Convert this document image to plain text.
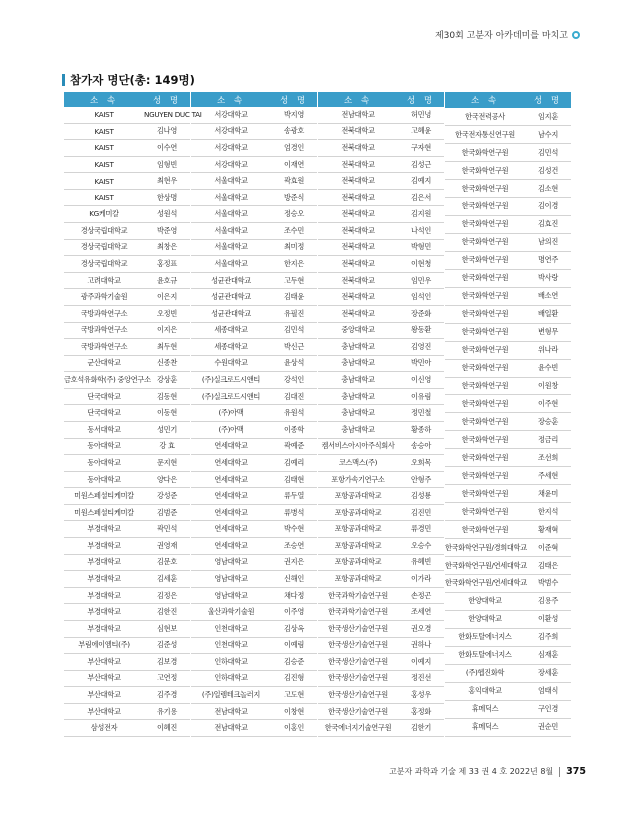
제30회 고분자 아카데미를 마치고
참가자 명단(총: 149명)
소 속	성 명
KAIST	NGUYEN DUC TAI
KAIST	김나영
KAIST	이수연
KAIST	임형빈
KAIST	최현우
KAIST	한상명
KG케미칼	성원석
경상국립대학교	박준영
경상국립대학교	최창은
경상국립대학교	홍정표
고려대학교	윤호규
광주과학기술원	이은지
국방과학연구소	오정빈
국방과학연구소	이지은
국방과학연구소	최두현
군산대학교	신종찬
금호석유화학(주) 중앙연구소	강상훈
단국대학교	김동현
단국대학교	이동현
동서대학교	성민기
동아대학교	강 효
동아대학교	문지현
동아대학교	양다은
미원스페셜티케미칼	강성준
미원스페셜티케미칼	김범준
부경대학교	곽민석
부경대학교	권영재
부경대학교	김문호
부경대학교	김세훈
부경대학교	김정은
부경대학교	김한진
부경대학교	심현보
부림에이엠티(주)	김준성
부산대학교	김보경
부산대학교	고연정
부산대학교	김주경
부산대학교	유기용
삼성전자	이혜진
소 속	성 명
서강대학교	박지영
서강대학교	송광호
서강대학교	엄경인
서강대학교	이재연
서울대학교	곽효원
서울대학교	방준식
서울대학교	정승오
서울대학교	조수민
서울대학교	최미정
서울대학교	한지은
성균관대학교	고두현
성균관대학교	김태윤
성균관대학교	유필진
세종대학교	김민석
세종대학교	박신근
수원대학교	윤상석
(주)실크로드시앤티	강석인
(주)실크로드시앤티	김대진
(주)아맥	유원석
(주)아맥	이종학
연세대학교	곽예준
연세대학교	김예리
연세대학교	김태현
연세대학교	류두열
연세대학교	류병석
연세대학교	박수현
연세대학교	조승연
영남대학교	권지은
영남대학교	신해인
영남대학교	채다정
울산과학기술원	이주영
인천대학교	김상옥
인천대학교	이예림
인하대학교	김승준
인하대학교	김진형
(주)일렘테크놀러지	고도현
전남대학교	이창현
전남대학교	이홍인
소 속	성 명
전남대학교	허민녕
전북대학교	고혜윤
전북대학교	구자현
전북대학교	김성근
전북대학교	김예지
전북대학교	김은서
전북대학교	김지원
전북대학교	나석인
전북대학교	박형민
전북대학교	이현청
전북대학교	임민우
전북대학교	임석인
전북대학교	장준화
중앙대학교	왕동환
충남대학교	김영진
충남대학교	박민아
충남대학교	이신영
충남대학교	이유림
충남대학교	정민철
충남대학교	황종하
켐서비스아시아주식회사	송승아
코스맥스(주)	오희목
포항가속기연구소	안형주
포항공과대학교	김성룡
포항공과대학교	김진민
포항공과대학교	류경민
포항공과대학교	오승수
포항공과대학교	유혜빈
포항공과대학교	이가라
한국과학기술연구원	손정곤
한국과학기술연구원	조세연
한국생산기술연구원	권오경
한국생산기술연구원	권하나
한국생산기술연구원	이예지
한국생산기술연구원	정진선
한국생산기술연구원	홍성우
한국생산기술연구원	홍정화
한국에너지기술연구원	김한기
소 속	성 명
한국전력공사	임지훈
한국전자통신연구원	남수지
한국화학연구원	김민석
한국화학연구원	김성건
한국화학연구원	김소현
한국화학연구원	김이경
한국화학연구원	김효진
한국화학연구원	남의진
한국화학연구원	명연주
한국화학연구원	박사랑
한국화학연구원	배소연
한국화학연구원	배일환
한국화학연구원	변형무
한국화학연구원	위나라
한국화학연구원	윤수빈
한국화학연구원	이원창
한국화학연구원	이주현
한국화학연구원	장승훈
한국화학연구원	정금리
한국화학연구원	조선희
한국화학연구원	주세현
한국화학연구원	채윤미
한국화학연구원	한지석
한국화학연구원	황재혁
한국화학연구원/경희대학교	이준혁
한국화학연구원/연세대학교	김태은
한국화학연구원/연세대학교	박범수
한양대학교	김용주
한양대학교	이환성
한화토탈에너지스	김주희
한화토탈에너지스	심재훈
(주)헵진화학	장세훈
홍익대학교	엄태식
휴메딕스	구인경
휴메딕스	권순민
고분자 과학과 기술 제 33 권 4 호 2022년 8월 375
